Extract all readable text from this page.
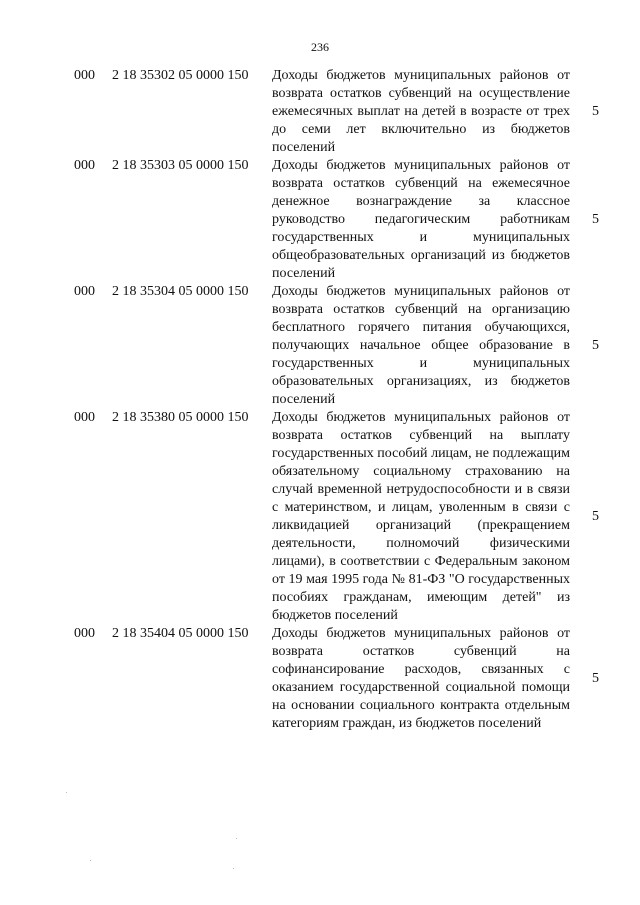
236
000 2 18 35302 05 0000 150 Доходы бюджетов муниципальных районов от возврата остатков субвенций на осуществление ежемесячных выплат на детей в возрасте от трех до семи лет включительно из бюджетов поселений
5
000 2 18 35303 05 0000 150 Доходы бюджетов муниципальных районов от возврата остатков субвенций на ежемесячное денежное вознаграждение за классное руководство педагогическим работникам государственных и муниципальных общеобразовательных организаций из бюджетов поселений
5
000 2 18 35304 05 0000 150 Доходы бюджетов муниципальных районов от возврата остатков субвенций на организацию бесплатного горячего питания обучающихся, получающих начальное общее образование в государственных и муниципальных образовательных организациях, из бюджетов поселений
5
000 2 18 35380 05 0000 150 Доходы бюджетов муниципальных районов от возврата остатков субвенций на выплату государственных пособий лицам, не подлежащим обязательному социальному страхованию на случай временной нетрудоспособности и в связи с материнством, и лицам, уволенным в связи с ликвидацией организаций (прекращением деятельности, полномочий физическими лицами), в соответствии с Федеральным законом от 19 мая 1995 года № 81-ФЗ "О государственных пособиях гражданам, имеющим детей" из бюджетов поселений
5
000 2 18 35404 05 0000 150 Доходы бюджетов муниципальных районов от возврата остатков субвенций на софинансирование расходов, связанных с оказанием государственной социальной помощи на основании социального контракта отдельным категориям граждан, из бюджетов поселений
5
